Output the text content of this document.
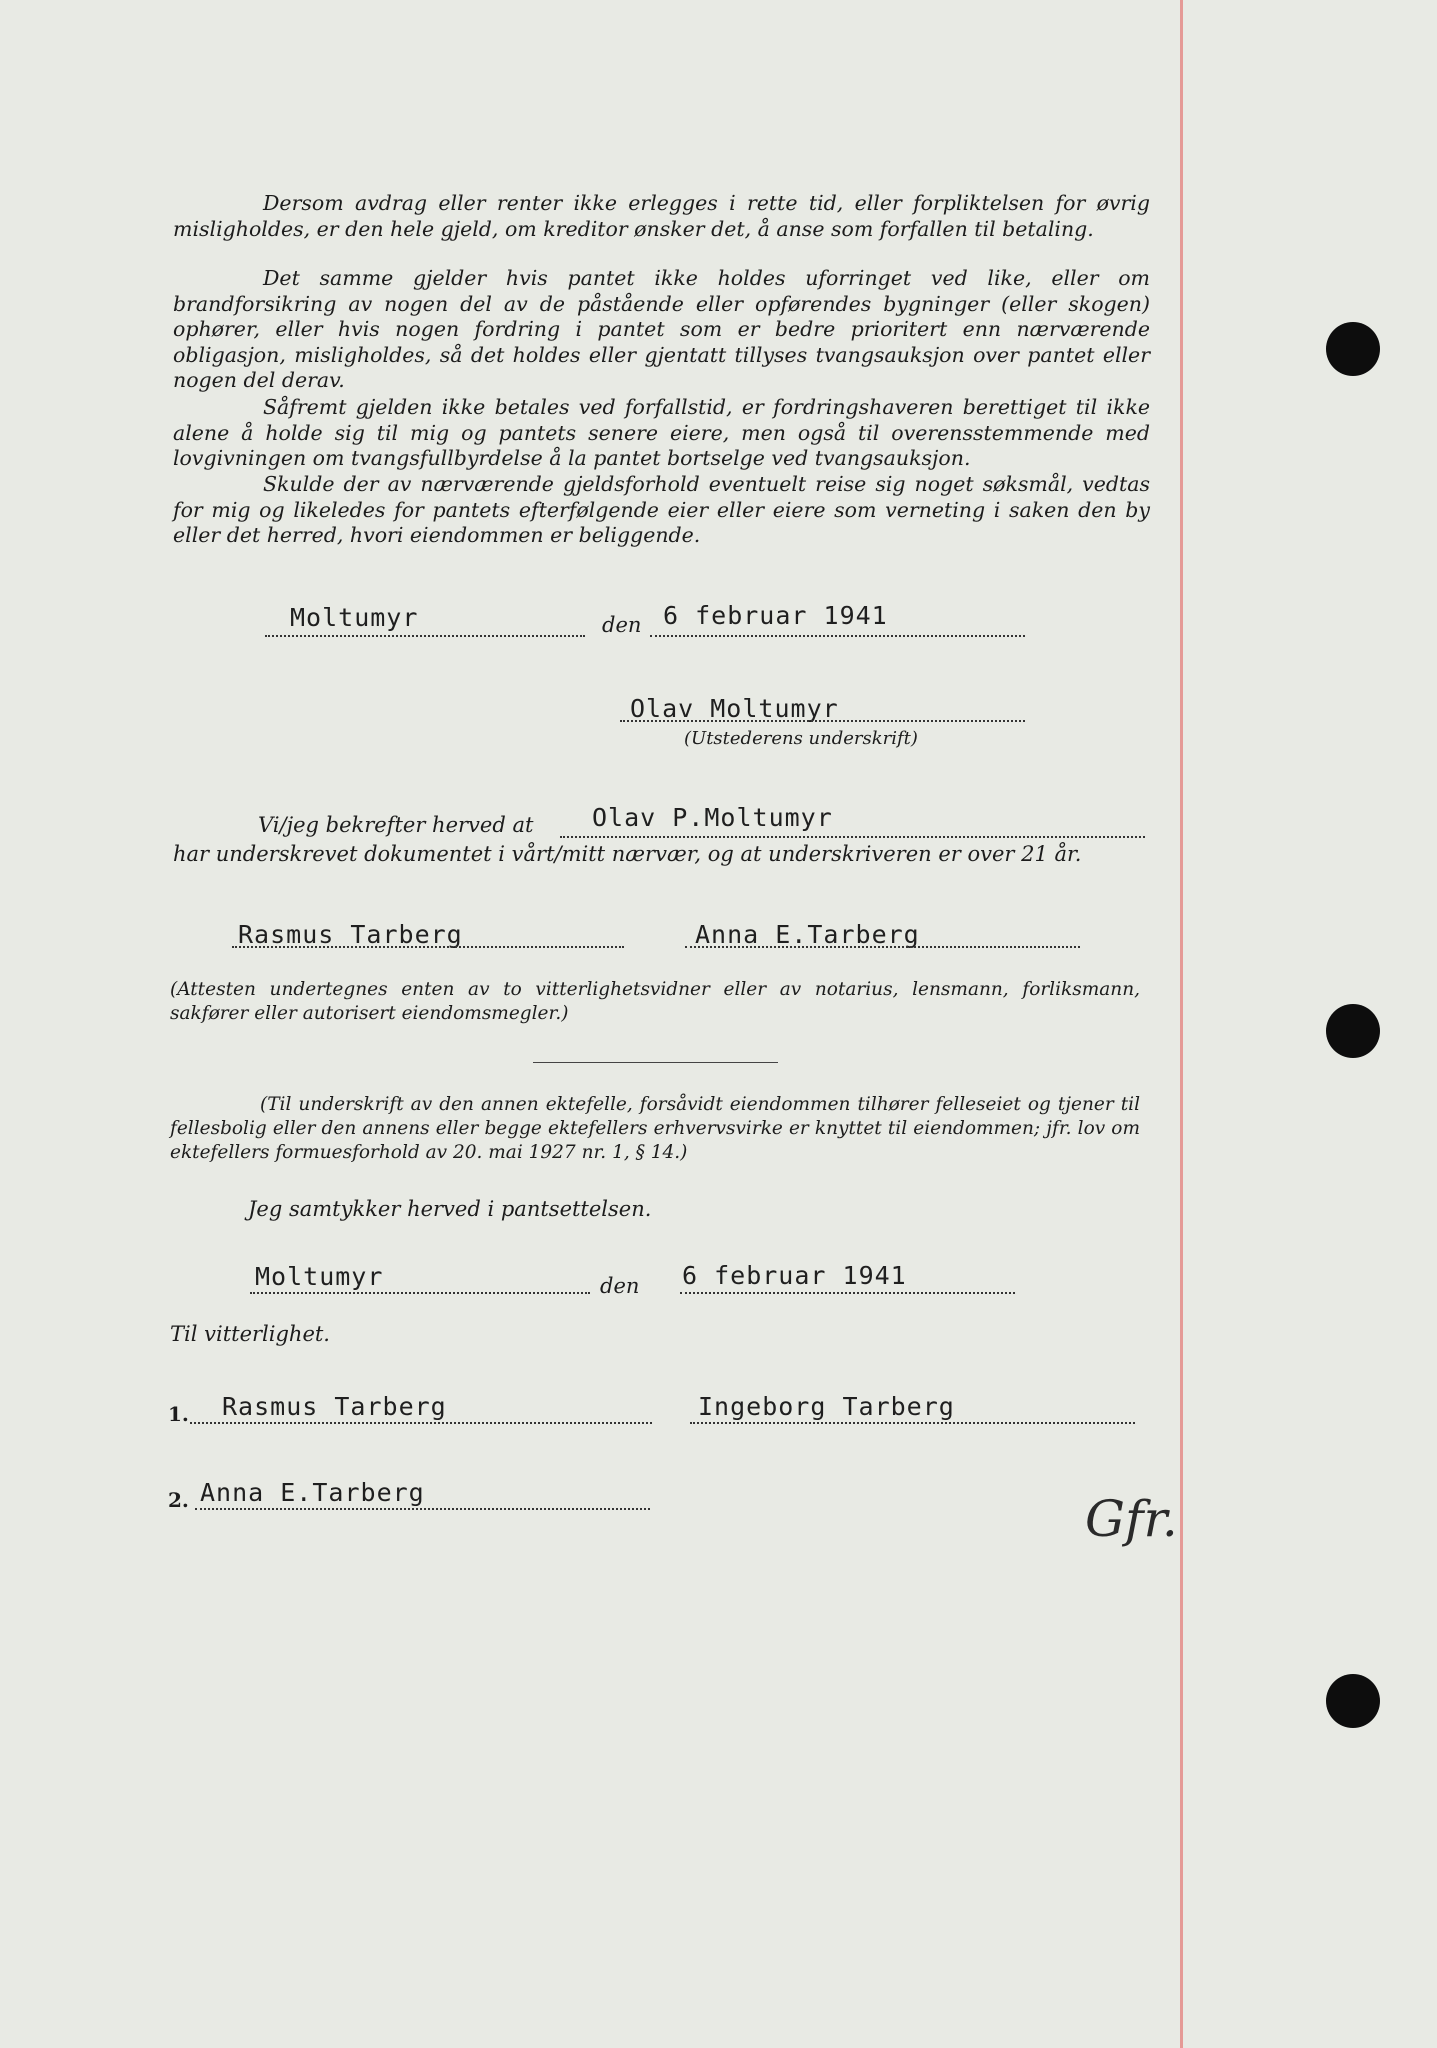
Dersom avdrag eller renter ikke erlegges i rette tid, eller forpliktelsen for øvrig misligholdes, er den hele gjeld, om kreditor ønsker det, å anse som forfallen til betaling.

Det samme gjelder hvis pantet ikke holdes uforringet ved like, eller om brandforsikring av nogen del av de påstående eller opførendes bygninger (eller skogen) ophører, eller hvis nogen fordring i pantet som er bedre prioritert enn nærværende obligasjon, misligholdes, så det holdes eller gjentatt tillyses tvangsauksjon over pantet eller nogen del derav.

Såfremt gjelden ikke betales ved forfallstid, er fordringshaveren berettiget til ikke alene å holde sig til mig og pantets senere eiere, men også til overensstemmende med lovgivningen om tvangsfullbyrdelse å la pantet bortselge ved tvangsauksjon.

Skulde der av nærværende gjeldsforhold eventuelt reise sig noget søksmål, vedtas for mig og likeledes for pantets efterfølgende eier eller eiere som verneting i saken den by eller det herred, hvori eiendommen er beliggende.

Moltumyr	den 6 februar 1941
Olav Moltumyr
(Utstederens underskrift)
Vi/jeg bekrefter herved at Olav P.Moltumyr
har underskrevet dokumentet i vårt/mitt nærvær, og at underskriveren er over 21 år.
Rasmus Tarberg	Anna E.Tarberg

(Attesten undertegnes enten av to vitterlighetsvidner eller av notarius, lensmann, forliksmann, sakfører eller autorisert eiendomsmegler.)

(Til underskrift av den annen ektefelle, forsåvidt eiendommen tilhører felleseiet og tjener til fellesbolig eller den annens eller begge ektefellers erhvervsvirke er knyttet til eiendommen; jfr. lov om ektefellers formuesforhold av 20. mai 1927 nr. 1, § 14.)

Jeg samtykker herved i pantsettelsen.
Moltumyr	den 6 februar 1941
Til vitterlighet.
1. Rasmus Tarberg	Ingeborg Tarberg
2. Anna E.Tarberg	Gfr.
